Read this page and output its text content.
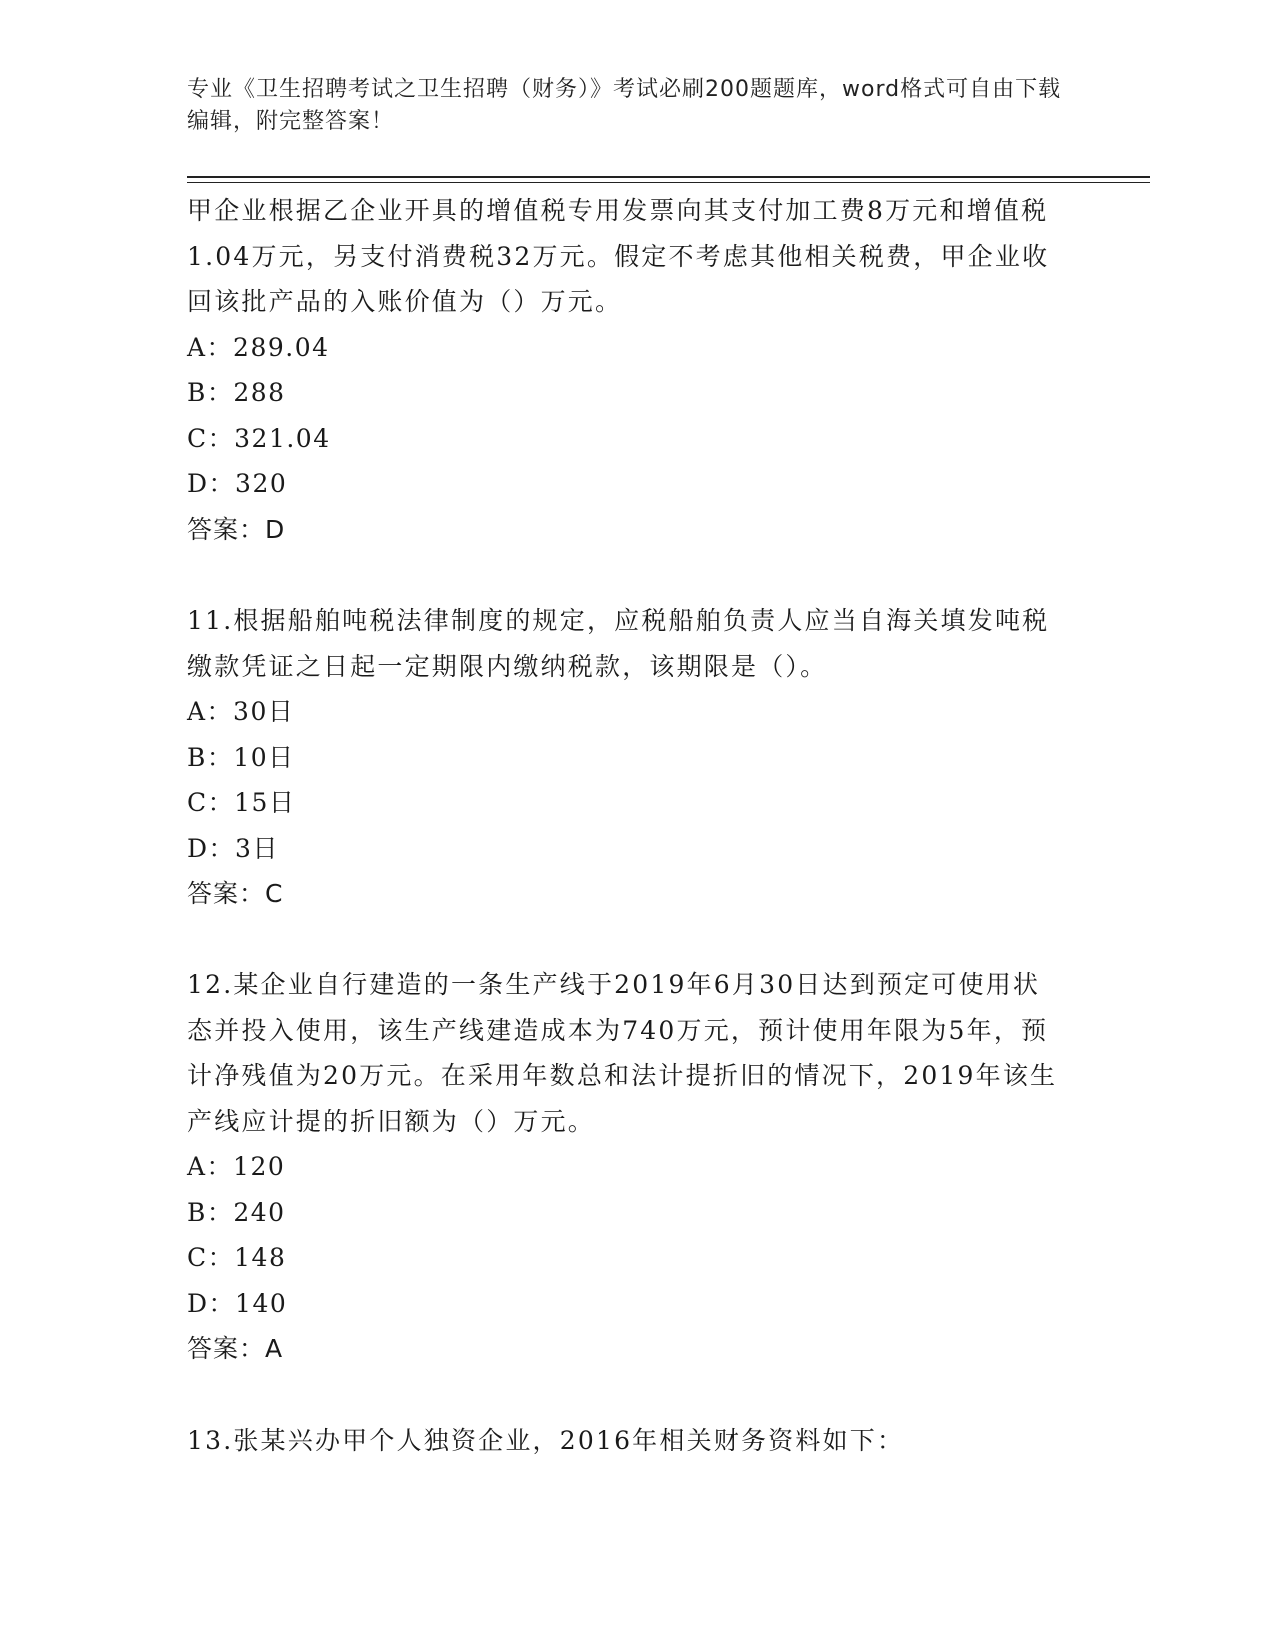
专业《卫生招聘考试之卫生招聘（财务）》考试必刷200题题库，word格式可自由下载编辑，附完整答案！

甲企业根据乙企业开具的增值税专用发票向其支付加工费8万元和增值税1.04万元，另支付消费税32万元。假定不考虑其他相关税费，甲企业收回该批产品的入账价值为（）万元。

A：289.04

B：288

C：321.04

D：320

答案：D

11.根据船舶吨税法律制度的规定，应税船舶负责人应当自海关填发吨税缴款凭证之日起一定期限内缴纳税款，该期限是（）。

A：30日

B：10日

C：15日

D：3日

答案：C

12.某企业自行建造的一条生产线于2019年6月30日达到预定可使用状态并投入使用，该生产线建造成本为740万元，预计使用年限为5年，预计净残值为20万元。在采用年数总和法计提折旧的情况下，2019年该生产线应计提的折旧额为（）万元。

A：120

B：240

C：148

D：140

答案：A

13.张某兴办甲个人独资企业，2016年相关财务资料如下：
